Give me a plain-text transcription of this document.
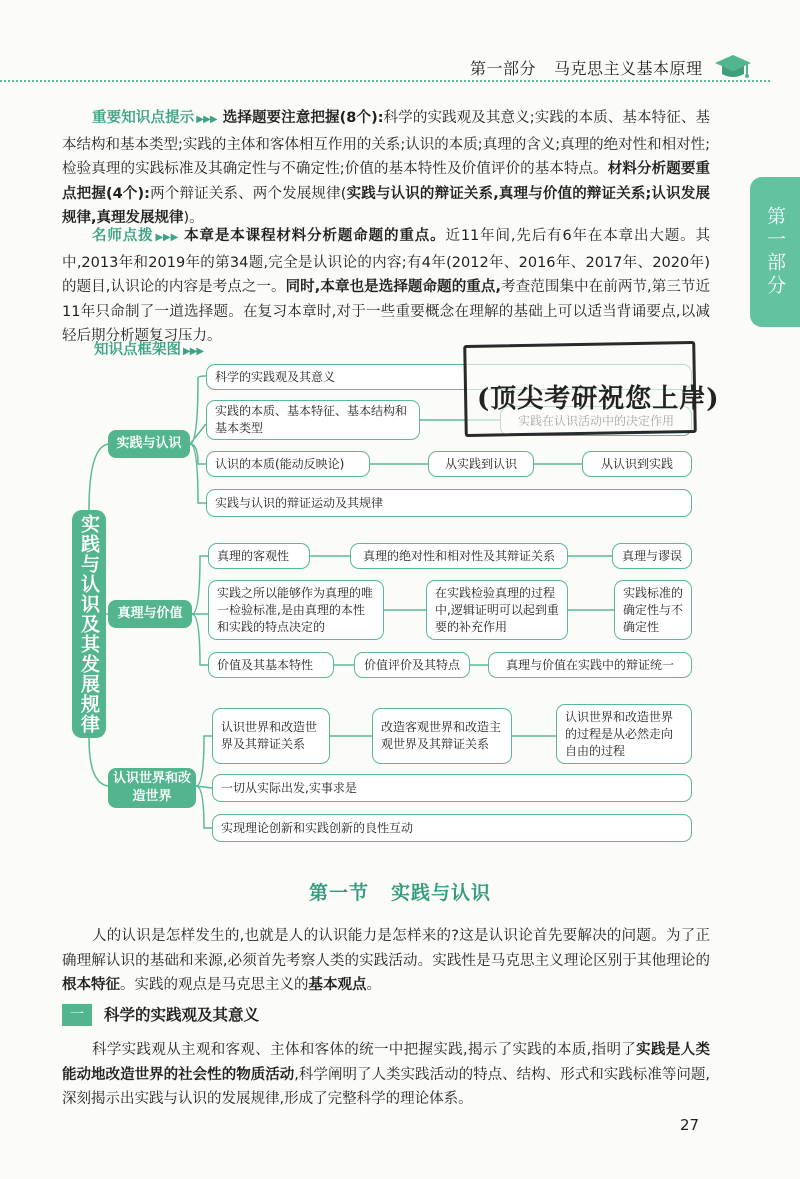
第一部分 马克思主义基本原理
第一部分
重要知识点提示 ▶▶▶ 选择题要注意把握(8个):科学的实践观及其意义;实践的本质、基本特征、基本结构和基本类型;实践的主体和客体相互作用的关系;认识的本质;真理的含义;真理的绝对性和相对性;检验真理的实践标准及其确定性与不确定性;价值的基本特性及价值评价的基本特点。材料分析题要重点把握(4个):两个辩证关系、两个发展规律(实践与认识的辩证关系,真理与价值的辩证关系;认识发展规律,真理发展规律)。
名师点拨 ▶▶▶ 本章是本课程材料分析题命题的重点。近11年间,先后有6年在本章出大题。其中,2013年和2019年的第34题,完全是认识论的内容;有4年(2012年、2016年、2017年、2020年)的题目,认识论的内容是考点之一。同时,本章也是选择题命题的重点,考查范围集中在前两节,第三节近11年只命制了一道选择题。在复习本章时,对于一些重要概念在理解的基础上可以适当背诵要点,以减轻后期分析题复习压力。
知识点框架图 ▶▶▶
实践与认识及其发展规律
实践与认识
真理与价值
认识世界和改造世界
科学的实践观及其意义
实践的本质、基本特征、基本结构和基本类型
认识的本质(能动反映论)	从实践到认识	从认识到实践
实践与认识的辩证运动及其规律
真理的客观性	真理的绝对性和相对性及其辩证关系	真理与谬误
实践之所以能够作为真理的唯一检验标准,是由真理的本性和实践的特点决定的
在实践检验真理的过程中,逻辑证明可以起到重要的补充作用
实践标准的确定性与不确定性
价值及其基本特性	价值评价及其特点	真理与价值在实践中的辩证统一
认识世界和改造世界及其辩证关系
改造客观世界和改造主观世界及其辩证关系
认识世界和改造世界的过程是从必然走向自由的过程
一切从实际出发,实事求是
实现理论创新和实践创新的良性互动
(顶尖考研祝您上岸)
第一节 实践与认识
人的认识是怎样发生的,也就是人的认识能力是怎样来的?这是认识论首先要解决的问题。为了正确理解认识的基础和来源,必须首先考察人类的实践活动。实践性是马克思主义理论区别于其他理论的根本特征。实践的观点是马克思主义的基本观点。
一	科学的实践观及其意义
科学实践观从主观和客观、主体和客体的统一中把握实践,揭示了实践的本质,指明了实践是人类能动地改造世界的社会性的物质活动,科学阐明了人类实践活动的特点、结构、形式和实践标准等问题,深刻揭示出实践与认识的发展规律,形成了完整科学的理论体系。
27
